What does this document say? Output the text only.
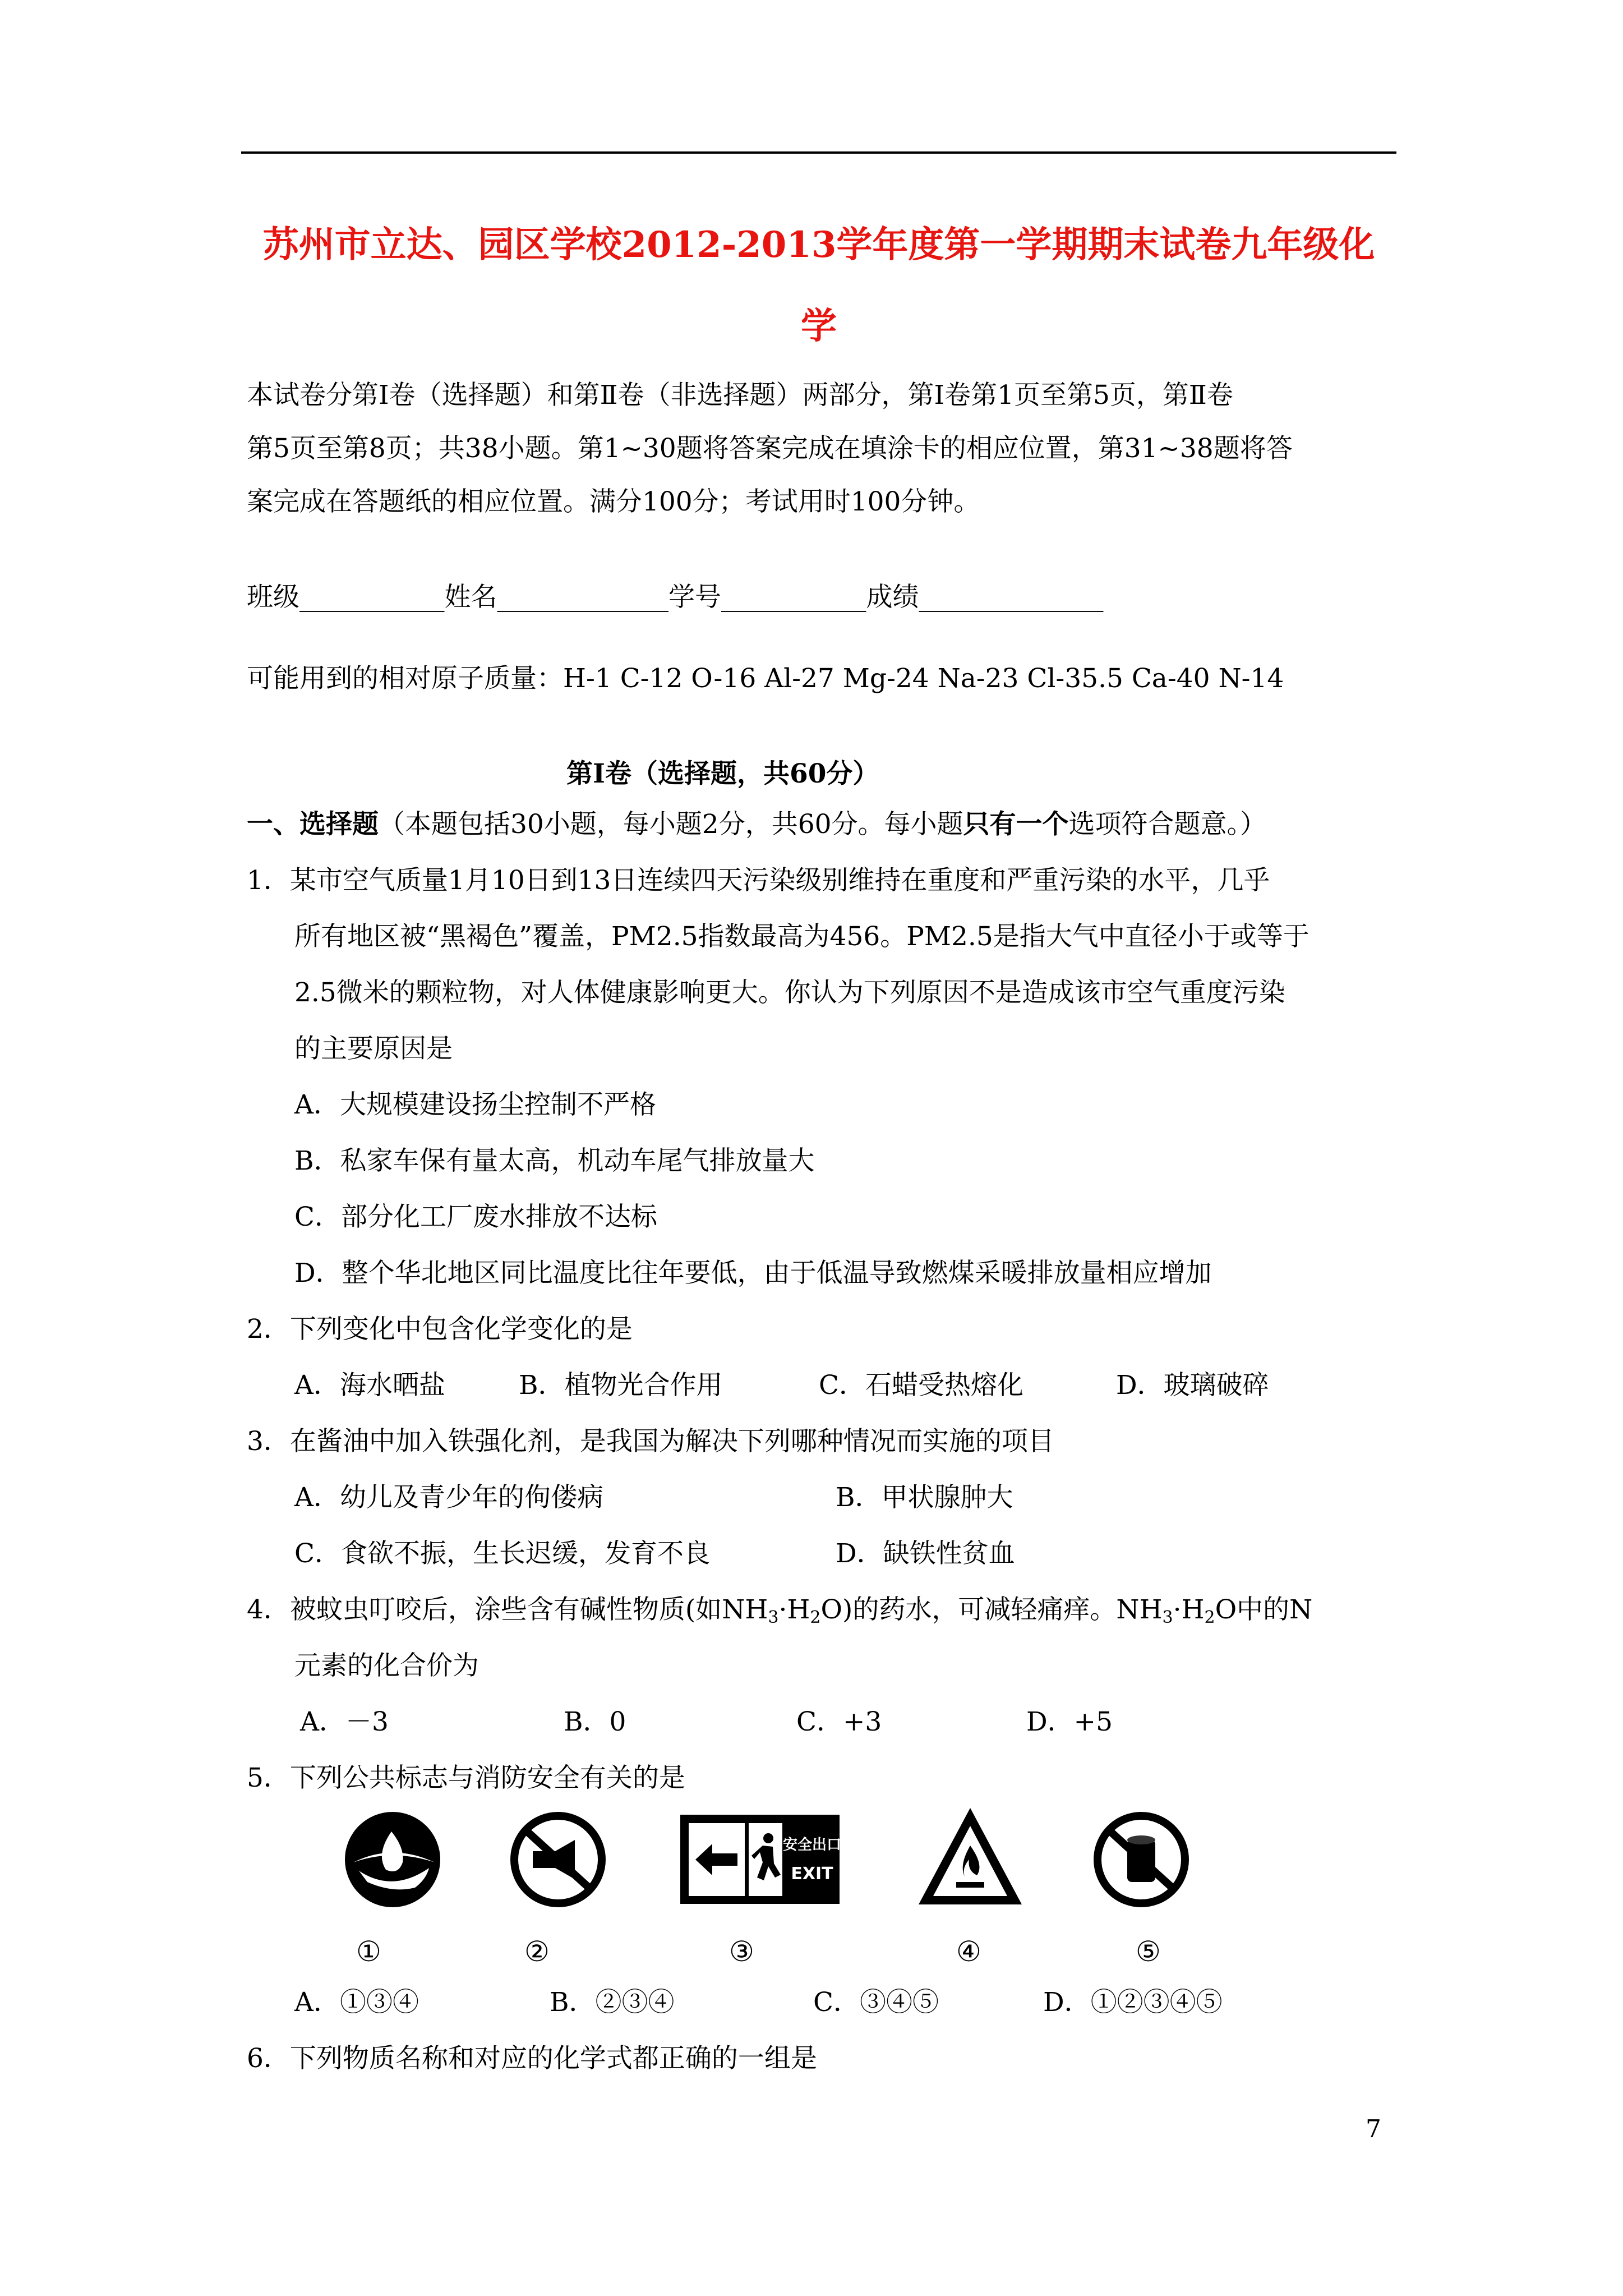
苏州市立达、园区学校2012-2013学年度第一学期期末试卷九年级化
学
本试卷分第Ⅰ卷（选择题）和第Ⅱ卷（非选择题）两部分，第Ⅰ卷第1页至第5页，第Ⅱ卷
第5页至第8页；共38小题。第1~30题将答案完成在填涂卡的相应位置，第31~38题将答
案完成在答题纸的相应位置。满分100分；考试用时100分钟。
班级___________姓名_____________学号___________成绩______________
可能用到的相对原子质量：H-1 C-12 O-16 Al-27 Mg-24 Na-23 Cl-35.5 Ca-40 N-14
第Ⅰ卷（选择题，共60分）
一、选择题（本题包括30小题，每小题2分，共60分。每小题只有一个选项符合题意。）
1．某市空气质量1月10日到13日连续四天污染级别维持在重度和严重污染的水平，几乎
所有地区被“黑褐色”覆盖，PM2.5指数最高为456。PM2.5是指大气中直径小于或等于
2.5微米的颗粒物，对人体健康影响更大。你认为下列原因不是造成该市空气重度污染
的主要原因是
A．大规模建设扬尘控制不严格
B．私家车保有量太高，机动车尾气排放量大
C．部分化工厂废水排放不达标
D．整个华北地区同比温度比往年要低，由于低温导致燃煤采暖排放量相应增加
2．下列变化中包含化学变化的是
A．海水晒盐	B．植物光合作用	C．石蜡受热熔化	D．玻璃破碎
3．在酱油中加入铁强化剂，是我国为解决下列哪种情况而实施的项目
A．幼儿及青少年的佝偻病	B．甲状腺肿大
C．食欲不振，生长迟缓，发育不良	D．缺铁性贫血
4．被蚊虫叮咬后，涂些含有碱性物质(如$NH_3\cdot H_2O$)的药水，可减轻痛痒。$NH_3\cdot H_2O$中的N
元素的化合价为
A．－3	B．0	C．+3	D．+5
5．下列公共标志与消防安全有关的是
安全出口
EXIT
①	②	③	④	⑤
A．①③④	B．②③④	C．③④⑤	D．①②③④⑤
6．下列物质名称和对应的化学式都正确的一组是
7
